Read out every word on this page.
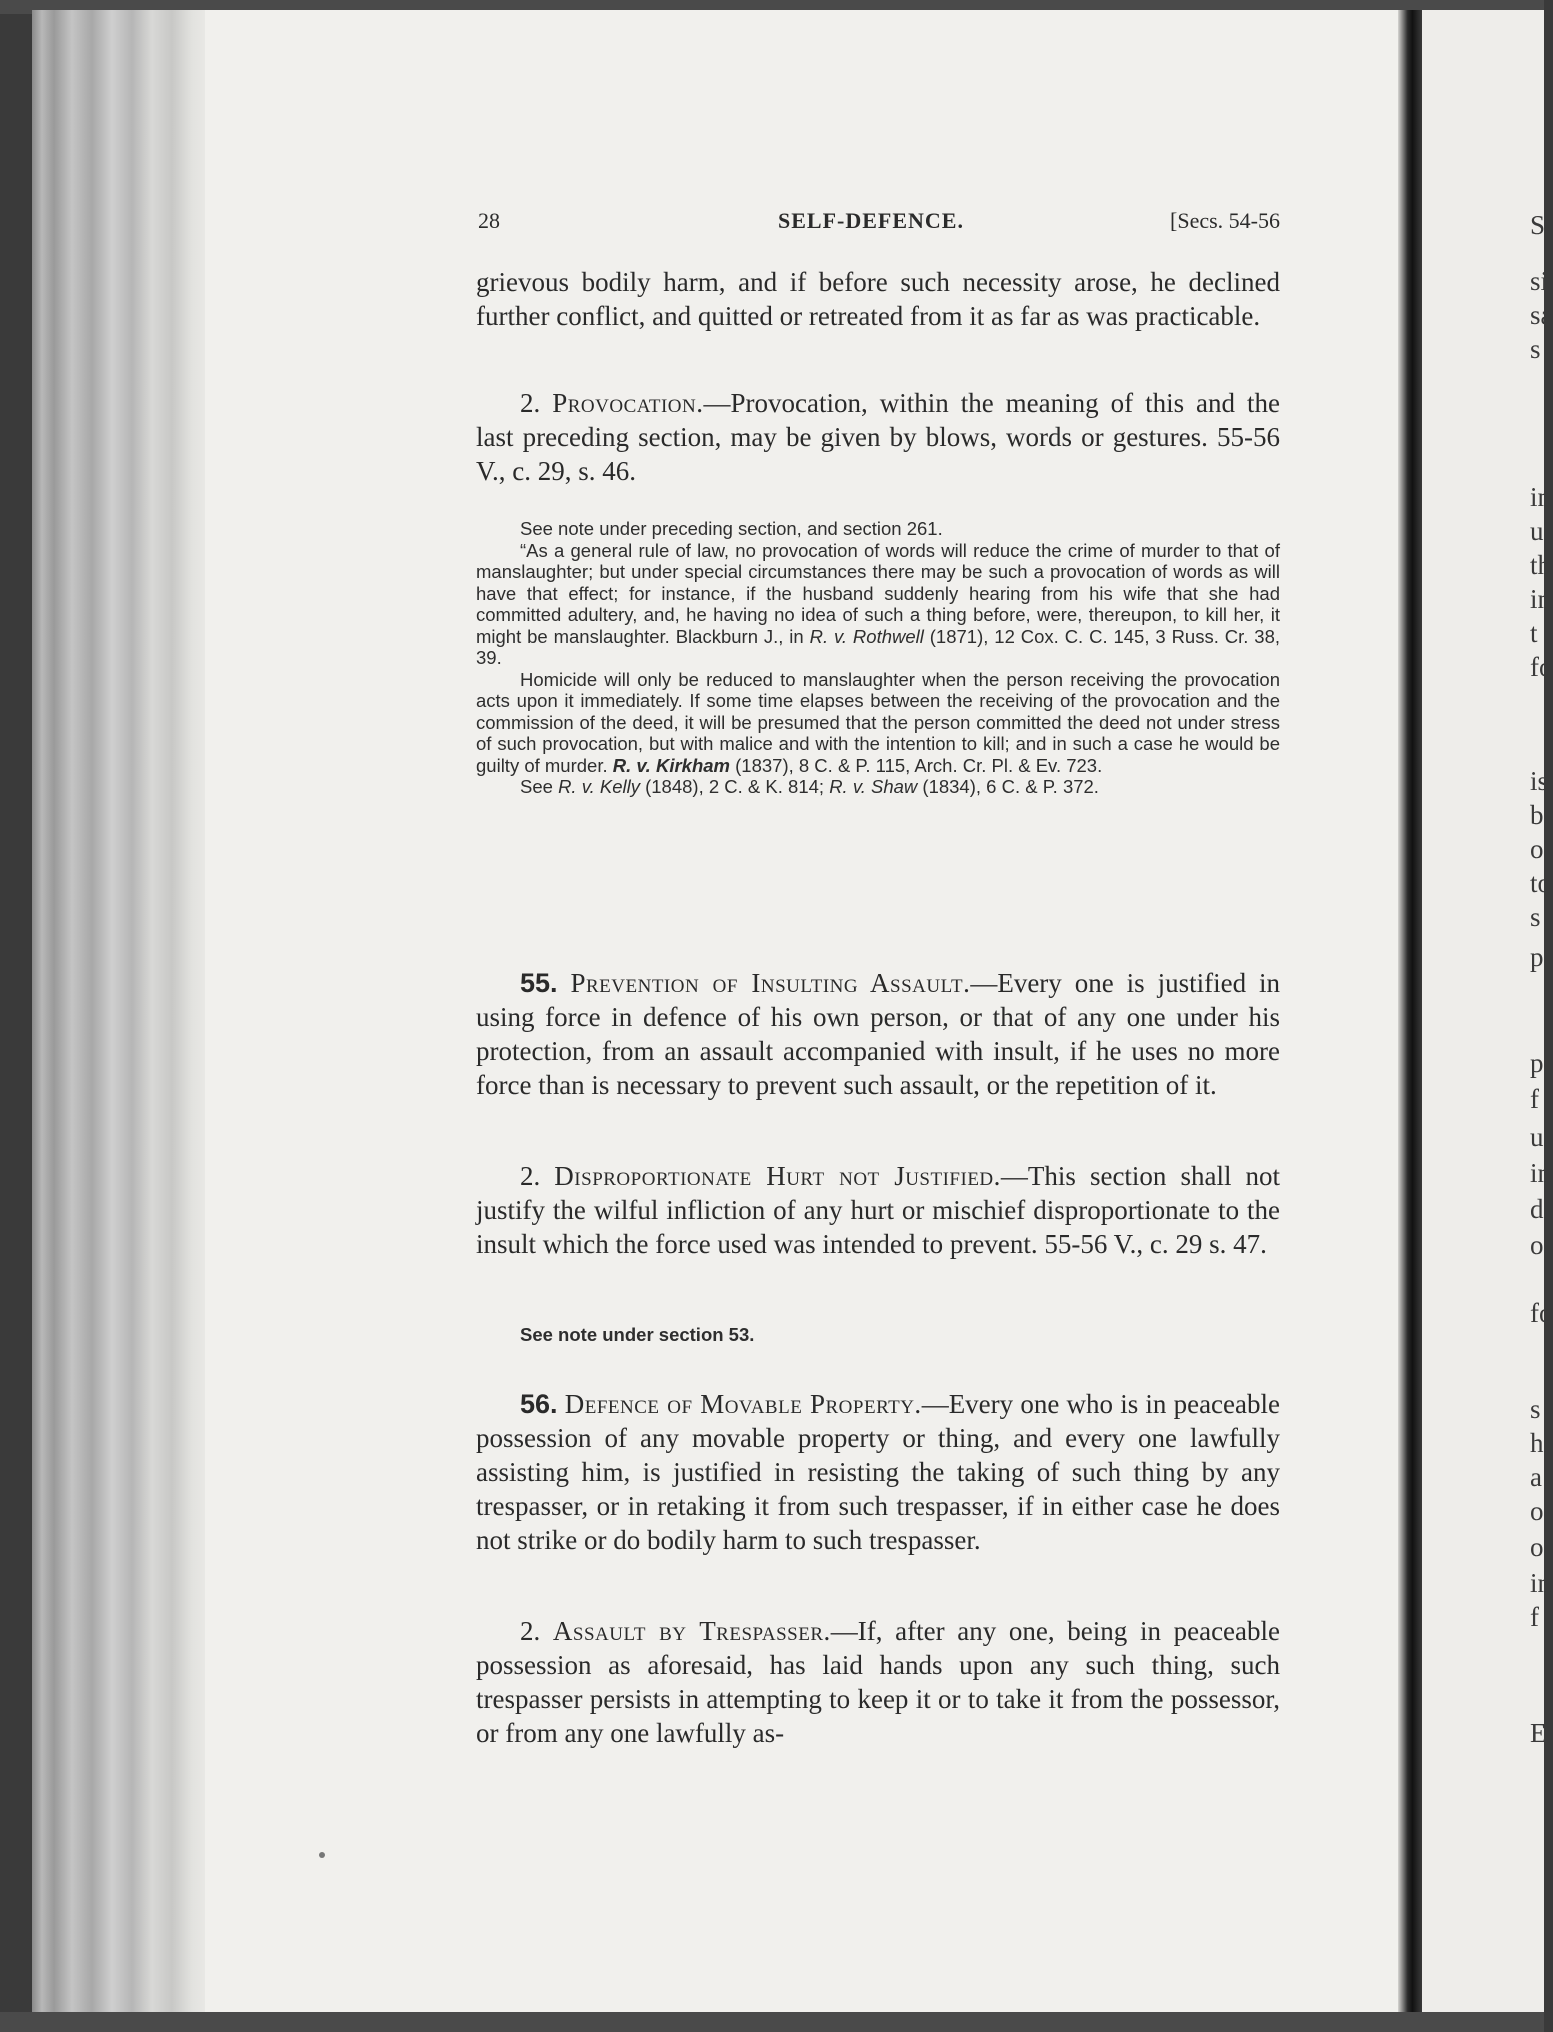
S
si
sa
s
in
u
th
in
t
fo
is
b
o
to
s
p
p
f
u
in
d
o
fo
s
h
a
o
o
in
f
E
28	SELF-DEFENCE.	[Secs. 54-56

grievous bodily harm, and if before such necessity arose, he declined further conflict, and quitted or retreated from it as far as was practicable.

2. Provocation.—Provocation, within the meaning of this and the last preceding section, may be given by blows, words or gestures. 55-56 V., c. 29, s. 46.

See note under preceding section, and section 261.

“As a general rule of law, no provocation of words will reduce the crime of murder to that of manslaughter; but under special circumstances there may be such a provocation of words as will have that effect; for instance, if the husband suddenly hearing from his wife that she had committed adultery, and, he having no idea of such a thing before, were, thereupon, to kill her, it might be manslaughter. Blackburn J., in R. v. Rothwell (1871), 12 Cox. C. C. 145, 3 Russ. Cr. 38, 39.

Homicide will only be reduced to manslaughter when the person receiving the provocation acts upon it immediately. If some time elapses between the receiving of the provocation and the commission of the deed, it will be presumed that the person committed the deed not under stress of such provocation, but with malice and with the intention to kill; and in such a case he would be guilty of murder. R. v. Kirkham (1837), 8 C. & P. 115, Arch. Cr. Pl. & Ev. 723.

See R. v. Kelly (1848), 2 C. & K. 814; R. v. Shaw (1834), 6 C. & P. 372.

55. Prevention of Insulting Assault.—Every one is justified in using force in defence of his own person, or that of any one under his protection, from an assault accompanied with insult, if he uses no more force than is necessary to prevent such assault, or the repetition of it.

2. Disproportionate Hurt not Justified.—This section shall not justify the wilful infliction of any hurt or mischief disproportionate to the insult which the force used was intended to prevent. 55-56 V., c. 29 s. 47.

See note under section 53.

56. Defence of Movable Property.—Every one who is in peaceable possession of any movable property or thing, and every one lawfully assisting him, is justified in resisting the taking of such thing by any trespasser, or in retaking it from such trespasser, if in either case he does not strike or do bodily harm to such trespasser.

2. Assault by Trespasser.—If, after any one, being in peaceable possession as aforesaid, has laid hands upon any such thing, such trespasser persists in attempting to keep it or to take it from the possessor, or from any one lawfully as-
